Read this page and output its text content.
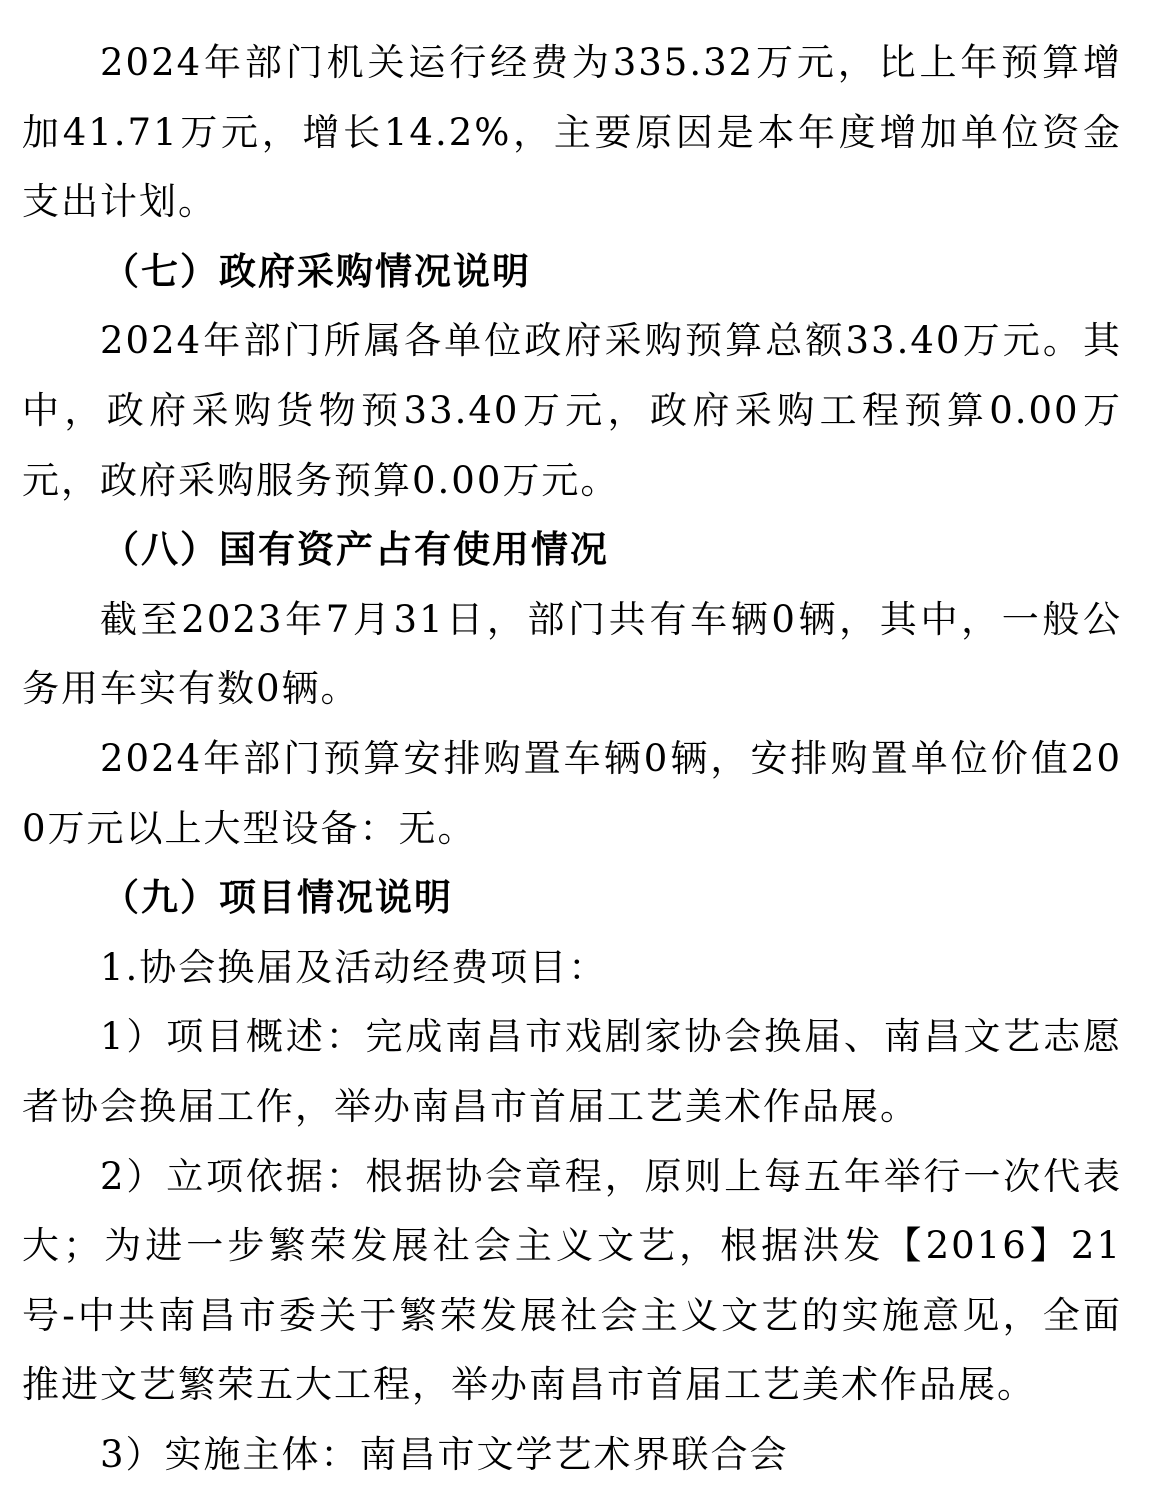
2024年部门机关运行经费为335.32万元，比上年预算增加41.71万元，增长14.2%，主要原因是本年度增加单位资金支出计划。

（七）政府采购情况说明

2024年部门所属各单位政府采购预算总额33.40万元。其中，政府采购货物预33.40万元，政府采购工程预算0.00万元，政府采购服务预算0.00万元。

（八）国有资产占有使用情况

截至2023年7月31日，部门共有车辆0辆，其中，一般公务用车实有数0辆。

2024年部门预算安排购置车辆0辆，安排购置单位价值200万元以上大型设备：无。

（九）项目情况说明

1.协会换届及活动经费项目：

1）项目概述：完成南昌市戏剧家协会换届、南昌文艺志愿者协会换届工作，举办南昌市首届工艺美术作品展。

2）立项依据：根据协会章程，原则上每五年举行一次代表大；为进一步繁荣发展社会主义文艺，根据洪发【2016】21号-中共南昌市委关于繁荣发展社会主义文艺的实施意见，全面推进文艺繁荣五大工程，举办南昌市首届工艺美术作品展。

3）实施主体：南昌市文学艺术界联合会
